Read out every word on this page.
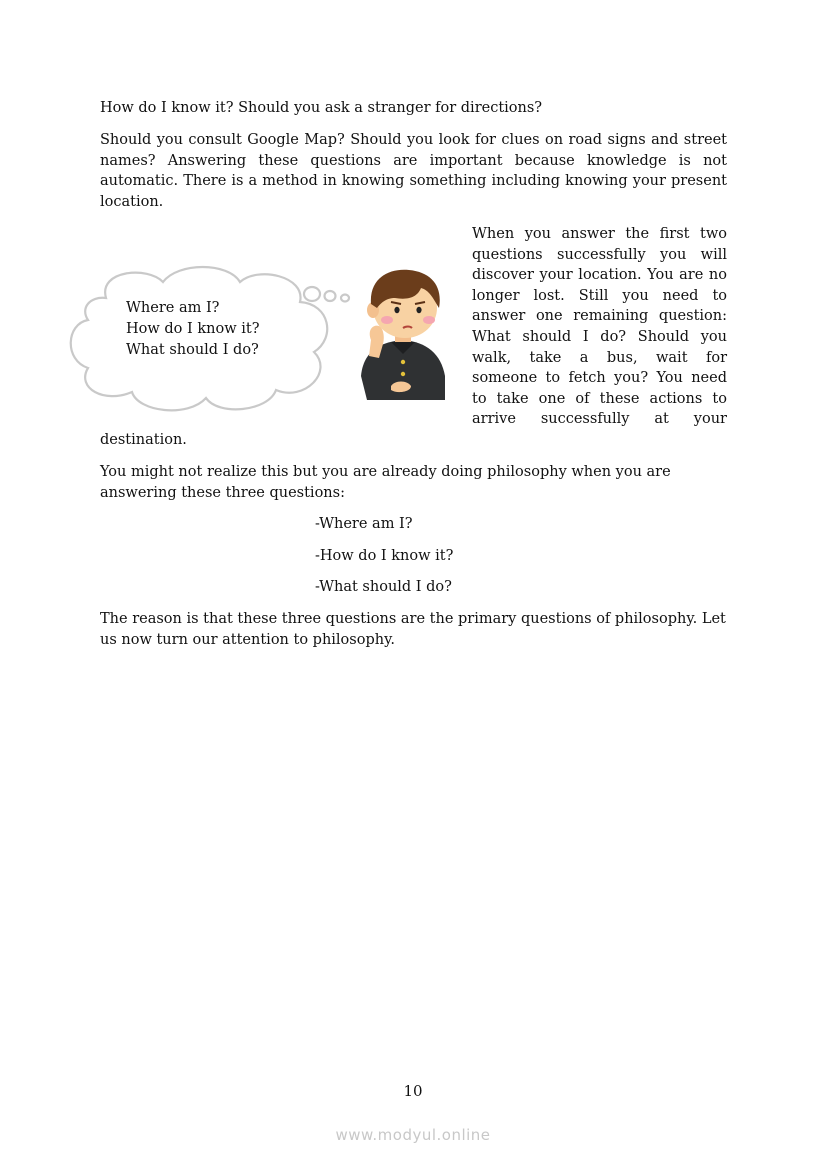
How do I know it? Should you ask a stranger for directions?

Should you consult Google Map? Should you look for clues on road signs and street names? Answering these questions are important because knowledge is not automatic. There is a method in knowing something including knowing your present location.

Where am I?
How do I know it?
What should I do?

When you answer the first two questions successfully you will discover your location. You are no longer lost. Still you need to answer one remaining question: What should I do? Should you walk, take a bus, wait for someone to fetch you? You need to take one of these actions to arrive successfully at your

destination.

You might not realize this but you are already doing philosophy when you are answering these three questions:

-Where am I?

-How do I know it?

-What should I do?

The reason is that these three questions are the primary questions of philosophy. Let us now turn our attention to philosophy.

10

www.modyul.online
